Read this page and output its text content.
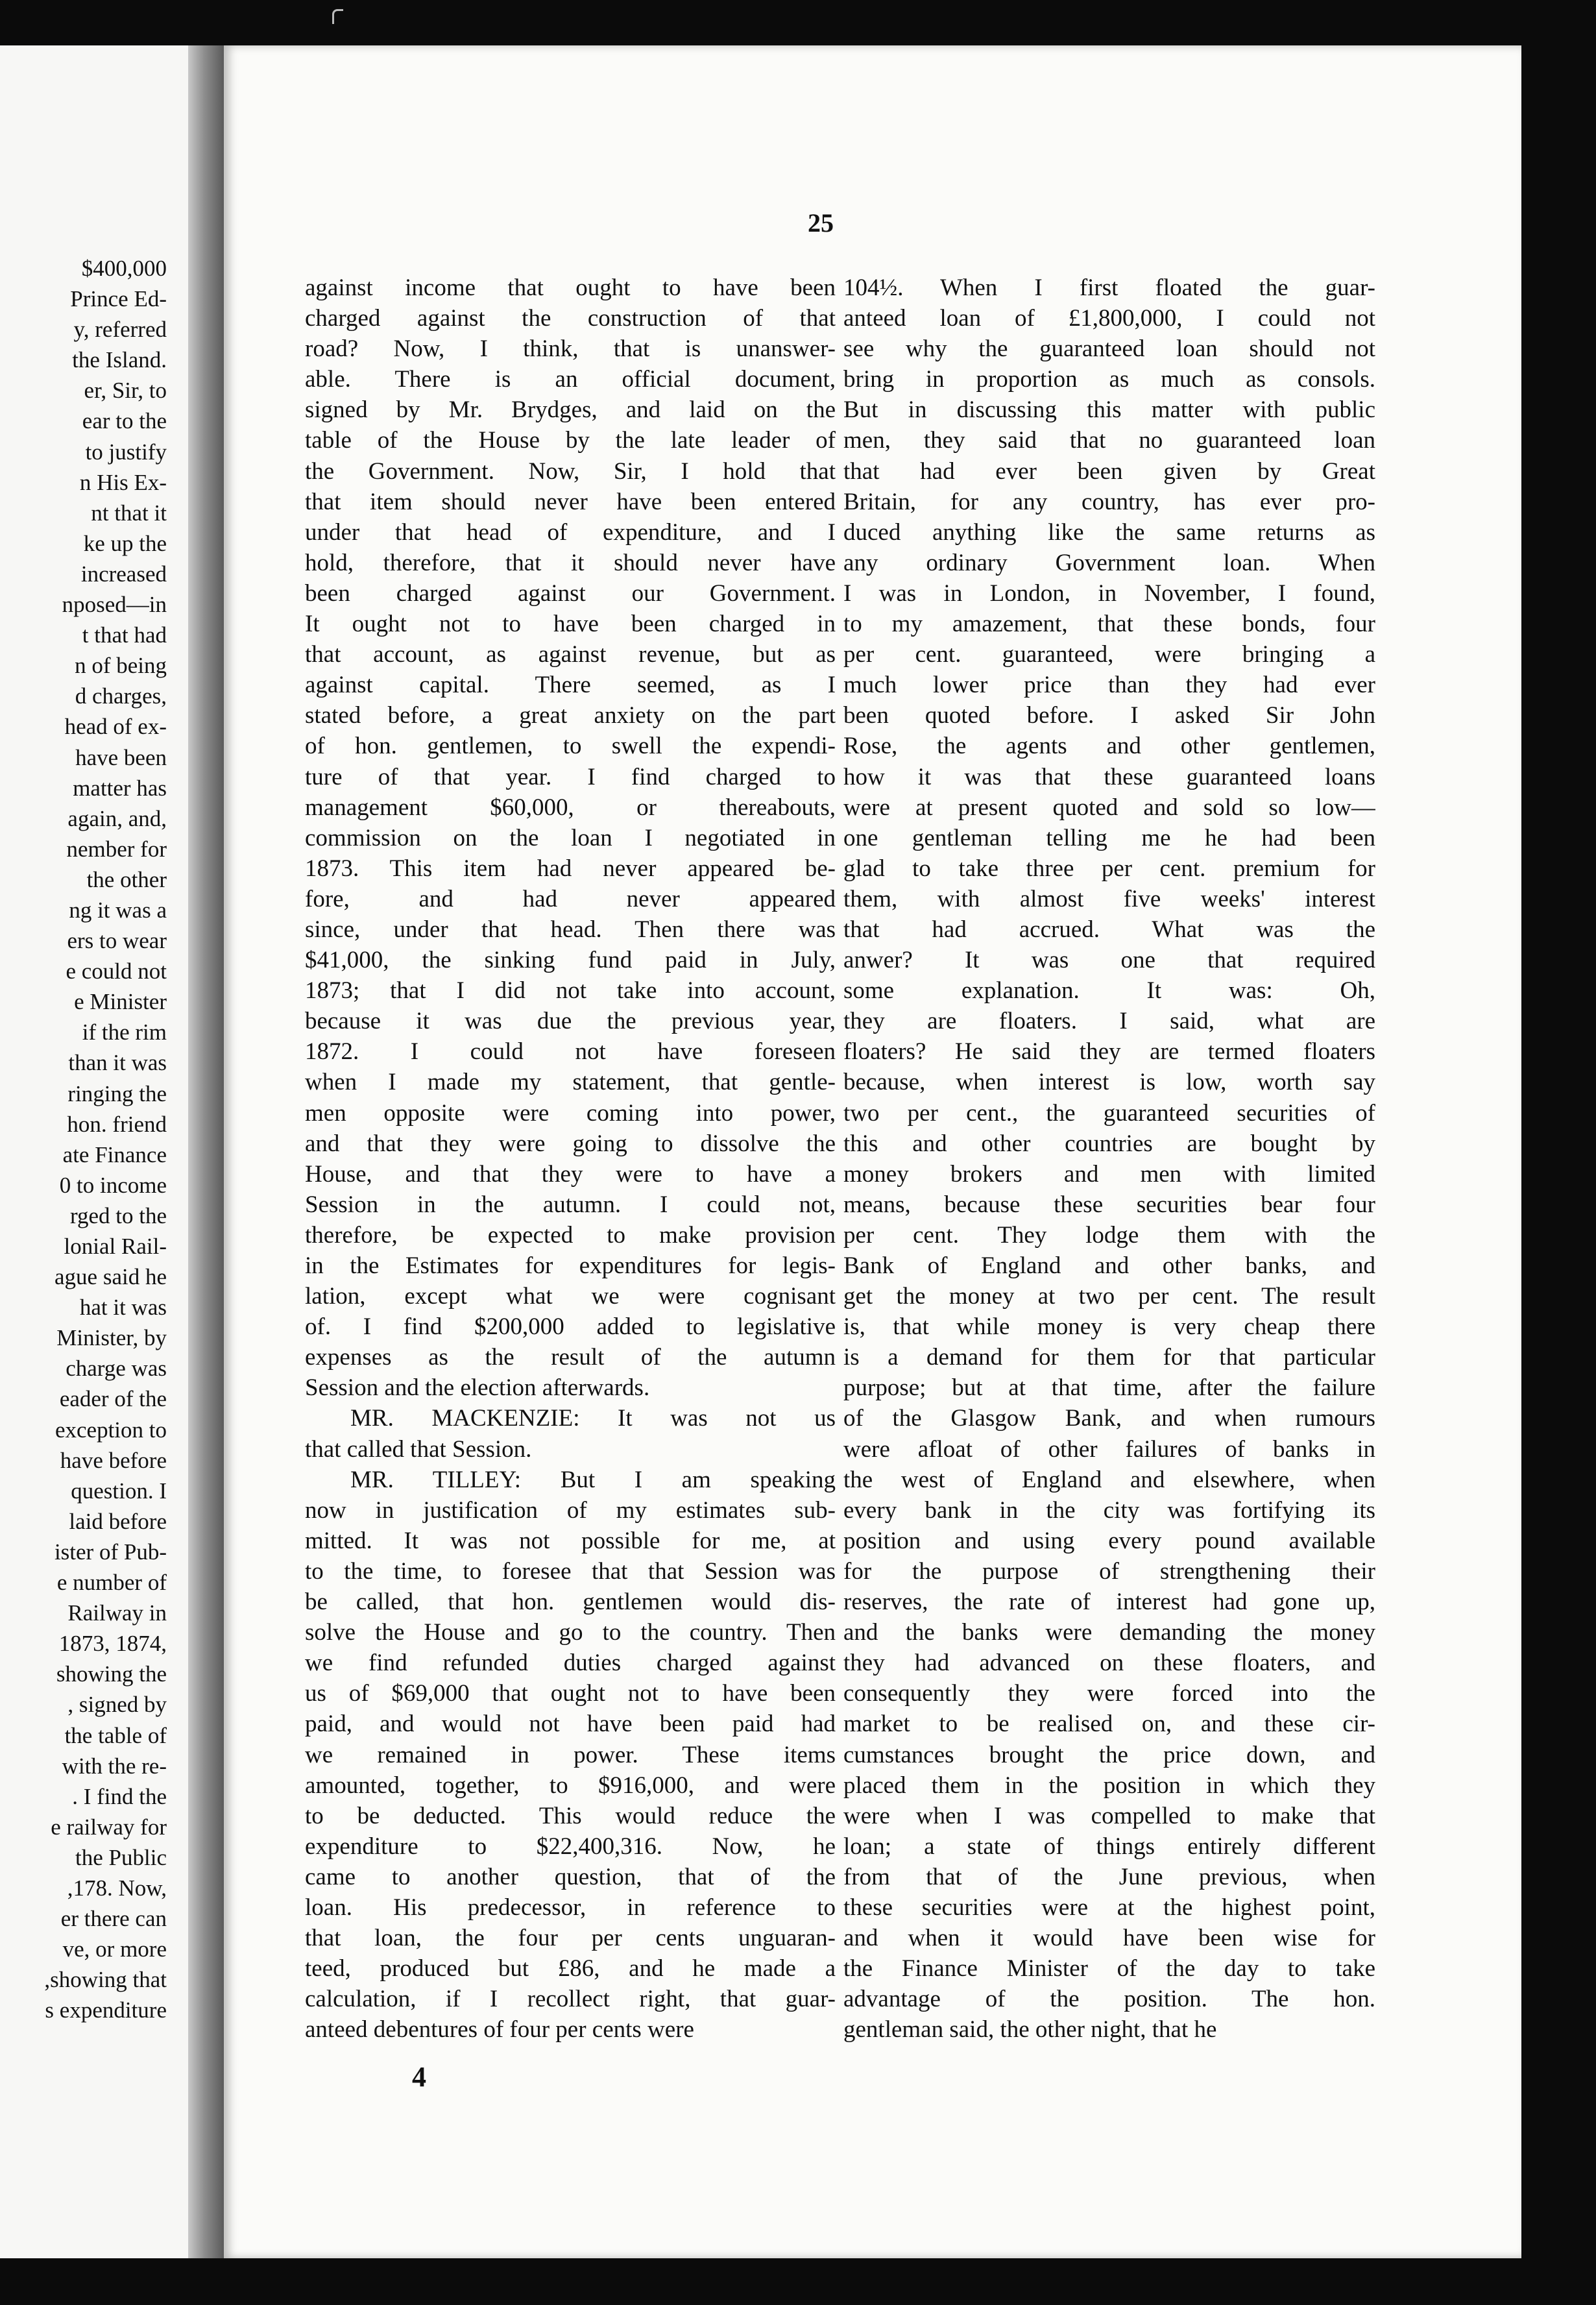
$400,000
Prince Ed-
y, referred
the Island.
er, Sir, to
ear to the
to justify
n His Ex-
nt that it
ke up the
increased
nposed—in
t that had
n of being
d charges,
head of ex-
have been
matter has
again, and,
nember for
the other
ng it was a
ers to wear
e could not
e Minister
if the rim
than it was
ringing the
hon. friend
ate Finance
0 to income
rged to the
lonial Rail-
ague said he
hat it was
Minister, by
charge was
eader of the
exception to
have before
question. I
laid before
ister of Pub-
e number of
Railway in
1873, 1874,
showing the
, signed by
the table of
with the re-
. I find the
e railway for
the Public
,178. Now,
er there can
ve, or more
,showing that
s expenditure
25
against income that ought to have been
charged against the construction of that
road? Now, I think, that is unanswer-
able. There is an official document,
signed by Mr. Brydges, and laid on the
table of the House by the late leader of
the Government. Now, Sir, I hold that
that item should never have been entered
under that head of expenditure, and I
hold, therefore, that it should never have
been charged against our Government.
It ought not to have been charged in
that account, as against revenue, but as
against capital. There seemed, as I
stated before, a great anxiety on the part
of hon. gentlemen, to swell the expendi-
ture of that year. I find charged to
management $60,000, or thereabouts,
commission on the loan I negotiated in
1873. This item had never appeared be-
fore, and had never appeared
since, under that head. Then there was
$41,000, the sinking fund paid in July,
1873; that I did not take into account,
because it was due the previous year,
1872. I could not have foreseen
when I made my statement, that gentle-
men opposite were coming into power,
and that they were going to dissolve the
House, and that they were to have a
Session in the autumn. I could not,
therefore, be expected to make provision
in the Estimates for expenditures for legis-
lation, except what we were cognisant
of. I find $200,000 added to legislative
expenses as the result of the autumn
Session and the election afterwards.
MR. MACKENZIE: It was not us
that called that Session.
MR. TILLEY: But I am speaking
now in justification of my estimates sub-
mitted. It was not possible for me, at
to the time, to foresee that that Session was
be called, that hon. gentlemen would dis-
solve the House and go to the country. Then
we find refunded duties charged against
us of $69,000 that ought not to have been
paid, and would not have been paid had
we remained in power. These items
amounted, together, to $916,000, and were
to be deducted. This would reduce the
expenditure to $22,400,316. Now, he
came to another question, that of the
loan. His predecessor, in reference to
that loan, the four per cents unguaran-
teed, produced but £86, and he made a
calculation, if I recollect right, that guar-
anteed debentures of four per cents were
104½. When I first floated the guar-
anteed loan of £1,800,000, I could not
see why the guaranteed loan should not
bring in proportion as much as consols.
But in discussing this matter with public
men, they said that no guaranteed loan
that had ever been given by Great
Britain, for any country, has ever pro-
duced anything like the same returns as
any ordinary Government loan. When
I was in London, in November, I found,
to my amazement, that these bonds, four
per cent. guaranteed, were bringing a
much lower price than they had ever
been quoted before. I asked Sir John
Rose, the agents and other gentlemen,
how it was that these guaranteed loans
were at present quoted and sold so low—
one gentleman telling me he had been
glad to take three per cent. premium for
them, with almost five weeks' interest
that had accrued. What was the
anwer? It was one that required
some explanation. It was: Oh,
they are floaters. I said, what are
floaters? He said they are termed floaters
because, when interest is low, worth say
two per cent., the guaranteed securities of
this and other countries are bought by
money brokers and men with limited
means, because these securities bear four
per cent. They lodge them with the
Bank of England and other banks, and
get the money at two per cent. The result
is, that while money is very cheap there
is a demand for them for that particular
purpose; but at that time, after the failure
of the Glasgow Bank, and when rumours
were afloat of other failures of banks in
the west of England and elsewhere, when
every bank in the city was fortifying its
position and using every pound available
for the purpose of strengthening their
reserves, the rate of interest had gone up,
and the banks were demanding the money
they had advanced on these floaters, and
consequently they were forced into the
market to be realised on, and these cir-
cumstances brought the price down, and
placed them in the position in which they
were when I was compelled to make that
loan; a state of things entirely different
from that of the June previous, when
these securities were at the highest point,
and when it would have been wise for
the Finance Minister of the day to take
advantage of the position. The hon.
gentleman said, the other night, that he
4
